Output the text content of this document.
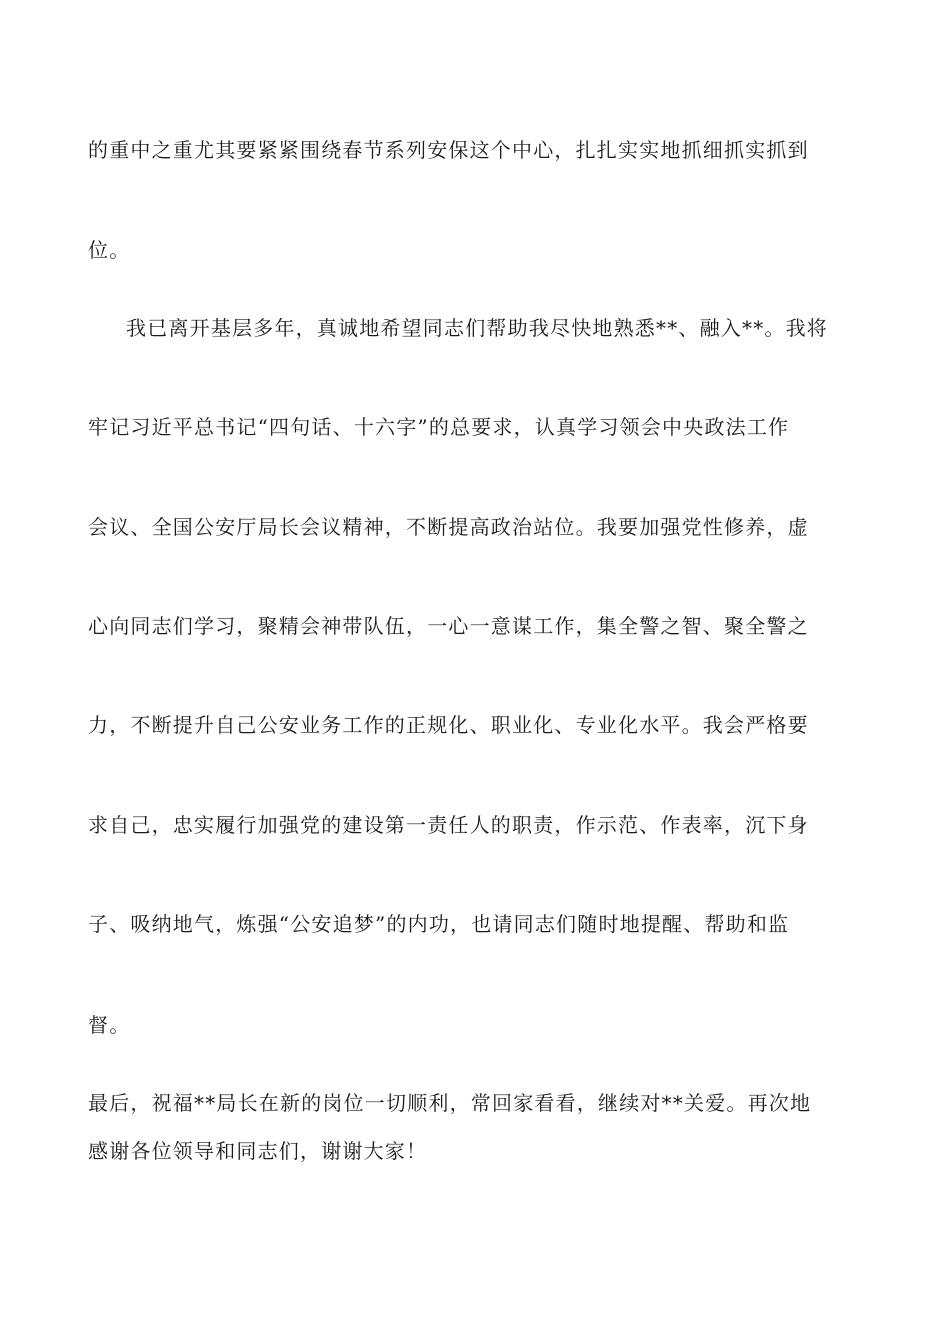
的重中之重尤其要紧紧围绕春节系列安保这个中心，扎扎实实地抓细抓实抓到
位。
我已离开基层多年，真诚地希望同志们帮助我尽快地熟悉**、融入**。我将
牢记习近平总书记“四句话、十六字”的总要求，认真学习领会中央政法工作
会议、全国公安厅局长会议精神，不断提高政治站位。我要加强党性修养，虚
心向同志们学习，聚精会神带队伍，一心一意谋工作，集全警之智、聚全警之
力，不断提升自己公安业务工作的正规化、职业化、专业化水平。我会严格要
求自己，忠实履行加强党的建设第一责任人的职责，作示范、作表率，沉下身
子、吸纳地气，炼强“公安追梦”的内功，也请同志们随时地提醒、帮助和监
督。
最后，祝福**局长在新的岗位一切顺利，常回家看看，继续对**关爱。再次地
感谢各位领导和同志们，谢谢大家！
